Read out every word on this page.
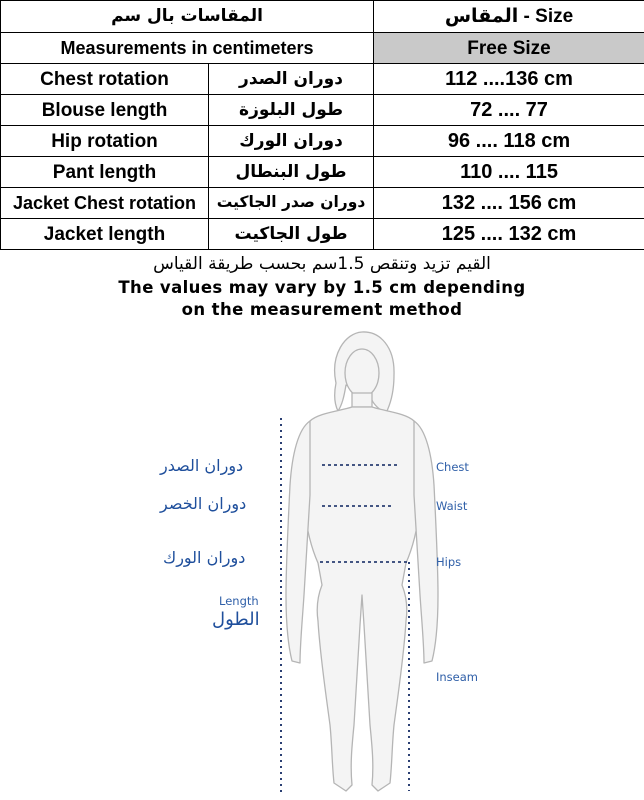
المقاسات بال سم		المقاس - Size
Measurements in centimeters		Free Size
Chest rotation	دوران الصدر	112 ....136 cm
Blouse length	طول البلوزة	72 .... 77
Hip rotation	دوران الورك	96 .... 118 cm
Pant length	طول البنطال	110 .... 115
Jacket Chest rotation	دوران صدر الجاكيت	132 .... 156 cm
Jacket length	طول الجاكيت	125 .... 132 cm
القيم تزيد وتنقص 1.5سم بحسب طريقة القياس
The values may vary by 1.5 cm depending
on the measurement method
دوران الصدر
دوران الخصر
دوران الورك
Length
الطول
Chest
Waist
Hips
Inseam
